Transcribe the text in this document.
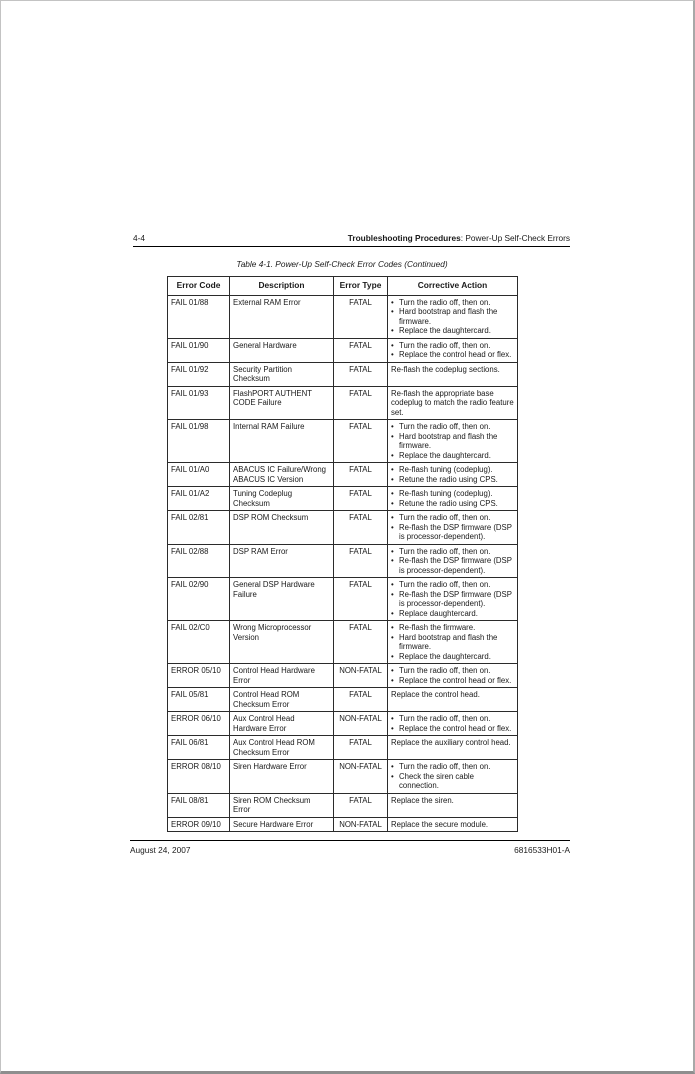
4-4	Troubleshooting Procedures: Power-Up Self-Check Errors
Table 4-1. Power-Up Self-Check Error Codes (Continued)
Error Code	Description	Error Type	Corrective Action
FAIL 01/88	External RAM Error	FATAL	• Turn the radio off, then on.
• Hard bootstrap and flash the firmware.
• Replace the daughtercard.

FAIL 01/90	General Hardware	FATAL	• Turn the radio off, then on.
• Replace the control head or flex.

FAIL 01/92	Security Partition Checksum	FATAL	Re-flash the codeplug sections.

FAIL 01/93	FlashPORT AUTHENT CODE Failure	FATAL	Re-flash the appropriate base codeplug to match the radio feature set.

FAIL 01/98	Internal RAM Failure	FATAL	• Turn the radio off, then on.
• Hard bootstrap and flash the firmware.
• Replace the daughtercard.

FAIL 01/A0	ABACUS IC Failure/Wrong ABACUS IC Version	FATAL	• Re-flash tuning (codeplug).
• Retune the radio using CPS.

FAIL 01/A2	Tuning Codeplug Checksum	FATAL	• Re-flash tuning (codeplug).
• Retune the radio using CPS.

FAIL 02/81	DSP ROM Checksum	FATAL	• Turn the radio off, then on.
• Re-flash the DSP firmware (DSP is processor-dependent).

FAIL 02/88	DSP RAM Error	FATAL	• Turn the radio off, then on.
• Re-flash the DSP firmware (DSP is processor-dependent).

FAIL 02/90	General DSP Hardware Failure	FATAL	• Turn the radio off, then on.
• Re-flash the DSP firmware (DSP is processor-dependent).
• Replace daughtercard.

FAIL 02/C0	Wrong Microprocessor Version	FATAL	• Re-flash the firmware.
• Hard bootstrap and flash the firmware.
• Replace the daughtercard.

ERROR 05/10	Control Head Hardware Error	NON-FATAL	• Turn the radio off, then on.
• Replace the control head or flex.

FAIL 05/81	Control Head ROM Checksum Error	FATAL	Replace the control head.

ERROR 06/10	Aux Control Head Hardware Error	NON-FATAL	• Turn the radio off, then on.
• Replace the control head or flex.

FAIL 06/81	Aux Control Head ROM Checksum Error	FATAL	Replace the auxiliary control head.

ERROR 08/10	Siren Hardware Error	NON-FATAL	• Turn the radio off, then on.
• Check the siren cable connection.

FAIL 08/81	Siren ROM Checksum Error	FATAL	Replace the siren.

ERROR 09/10	Secure Hardware Error	NON-FATAL	Replace the secure module.
August 24, 2007	6816533H01-A
